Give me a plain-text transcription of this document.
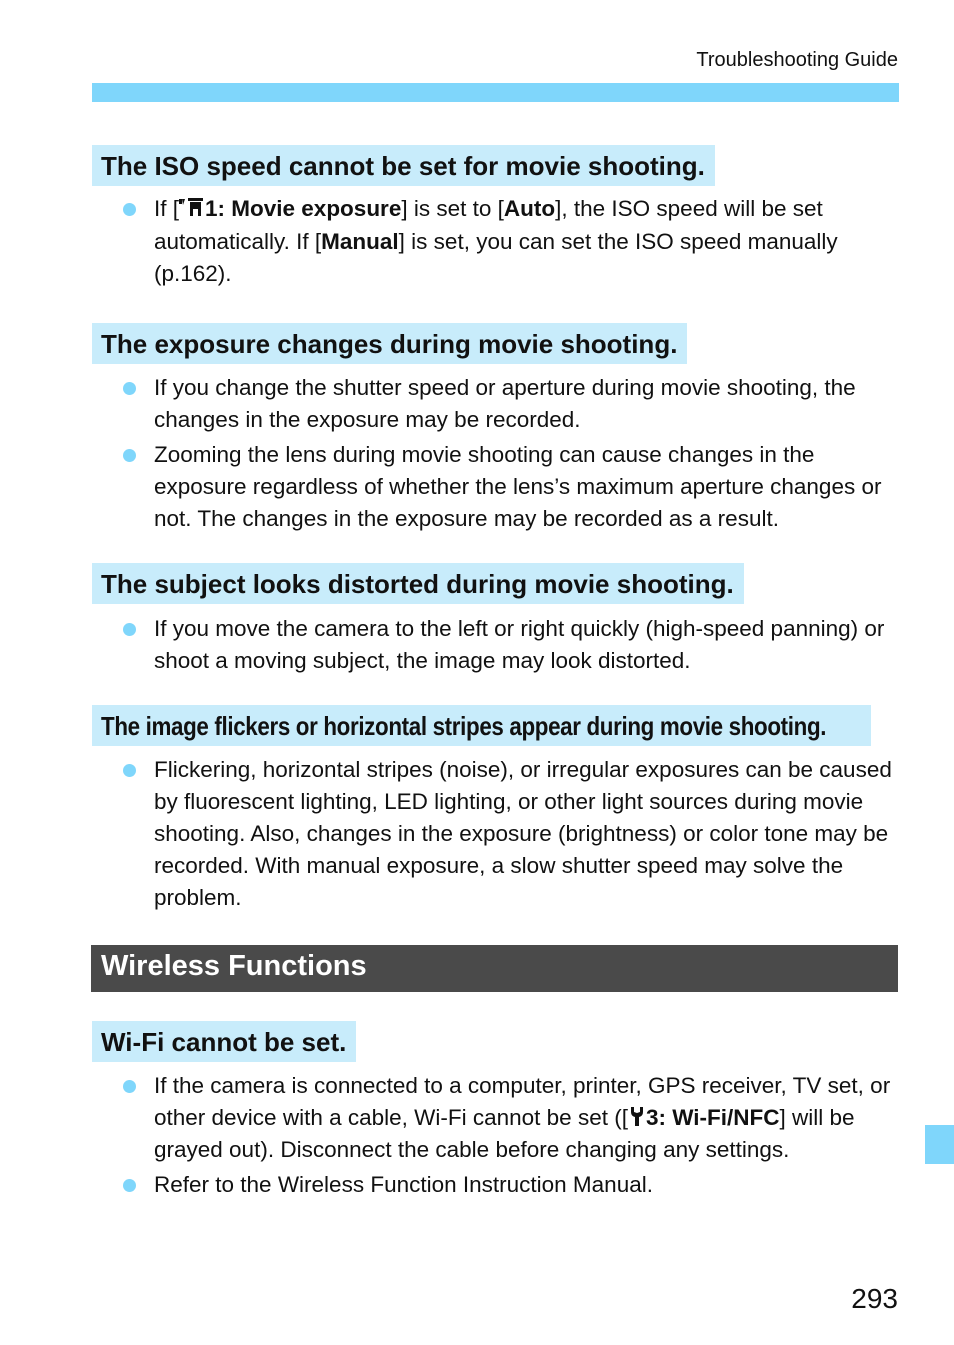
Troubleshooting Guide
The ISO speed cannot be set for movie shooting.
If [ 1: Movie exposure] is set to [Auto], the ISO speed will be set automatically. If [Manual] is set, you can set the ISO speed manually (p.162).
The exposure changes during movie shooting.
If you change the shutter speed or aperture during movie shooting, the changes in the exposure may be recorded.
Zooming the lens during movie shooting can cause changes in the exposure regardless of whether the lens’s maximum aperture changes or not. The changes in the exposure may be recorded as a result.
The subject looks distorted during movie shooting.
If you move the camera to the left or right quickly (high-speed panning) or shoot a moving subject, the image may look distorted.
The image flickers or horizontal stripes appear during movie shooting.
Flickering, horizontal stripes (noise), or irregular exposures can be caused by fluorescent lighting, LED lighting, or other light sources during movie shooting. Also, changes in the exposure (brightness) or color tone may be recorded. With manual exposure, a slow shutter speed may solve the problem.
Wireless Functions
Wi-Fi cannot be set.
If the camera is connected to a computer, printer, GPS receiver, TV set, or other device with a cable, Wi-Fi cannot be set ([ 3: Wi-Fi/NFC] will be grayed out). Disconnect the cable before changing any settings.
Refer to the Wireless Function Instruction Manual.
293
